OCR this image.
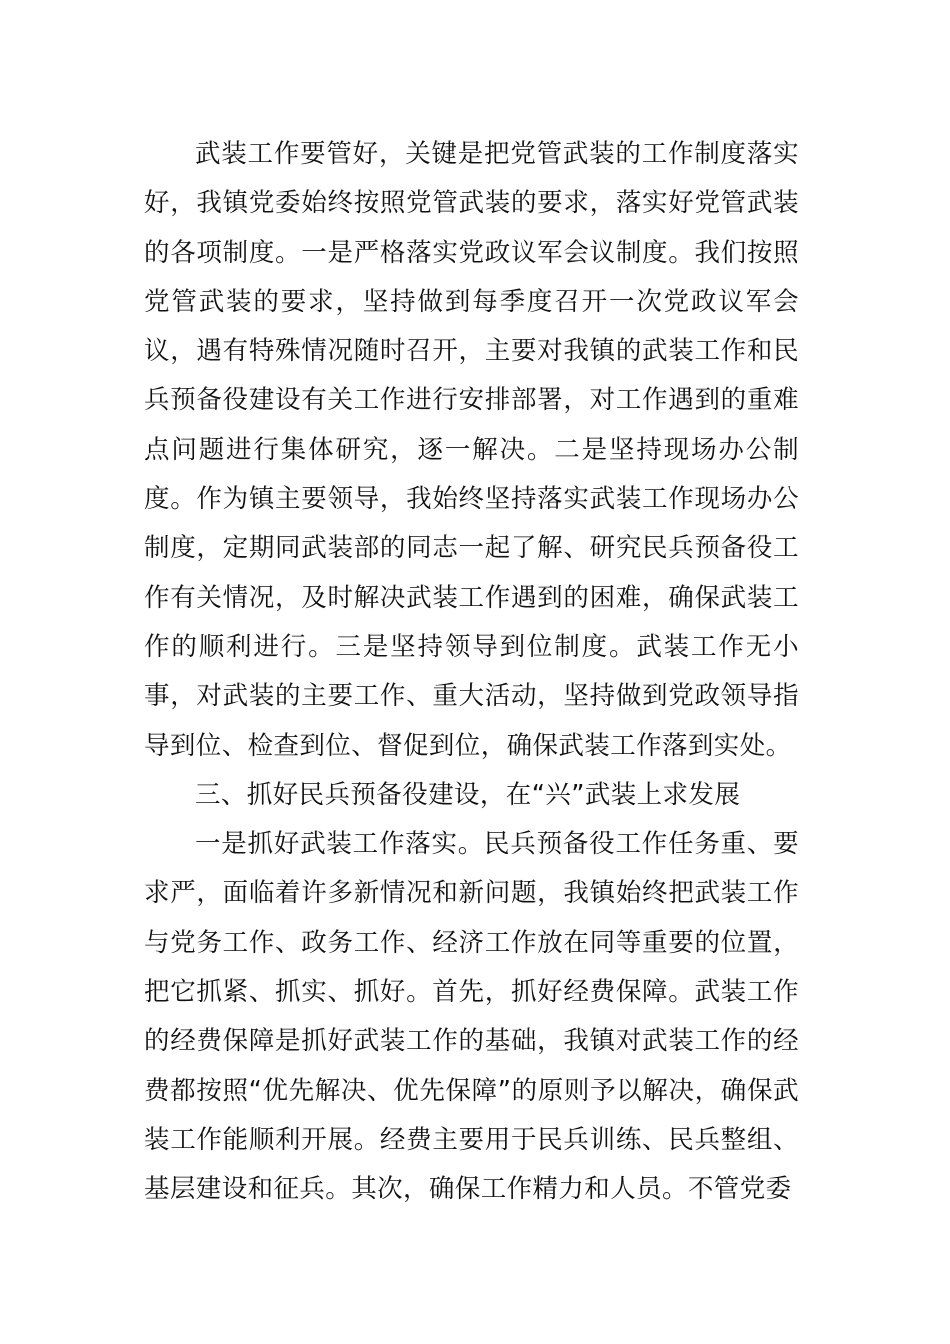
武装工作要管好，关键是把党管武装的工作制度落实好，我镇党委始终按照党管武装的要求，落实好党管武装的各项制度。一是严格落实党政议军会议制度。我们按照党管武装的要求，坚持做到每季度召开一次党政议军会议，遇有特殊情况随时召开，主要对我镇的武装工作和民兵预备役建设有关工作进行安排部署，对工作遇到的重难点问题进行集体研究，逐一解决。二是坚持现场办公制度。作为镇主要领导，我始终坚持落实武装工作现场办公制度，定期同武装部的同志一起了解、研究民兵预备役工作有关情况，及时解决武装工作遇到的困难，确保武装工作的顺利进行。三是坚持领导到位制度。武装工作无小事，对武装的主要工作、重大活动，坚持做到党政领导指导到位、检查到位、督促到位，确保武装工作落到实处。

三、抓好民兵预备役建设，在“兴”武装上求发展

一是抓好武装工作落实。民兵预备役工作任务重、要求严，面临着许多新情况和新问题，我镇始终把武装工作与党务工作、政务工作、经济工作放在同等重要的位置，把它抓紧、抓实、抓好。首先，抓好经费保障。武装工作的经费保障是抓好武装工作的基础，我镇对武装工作的经费都按照“优先解决、优先保障”的原则予以解决，确保武装工作能顺利开展。经费主要用于民兵训练、民兵整组、基层建设和征兵。其次，确保工作精力和人员。不管党委
